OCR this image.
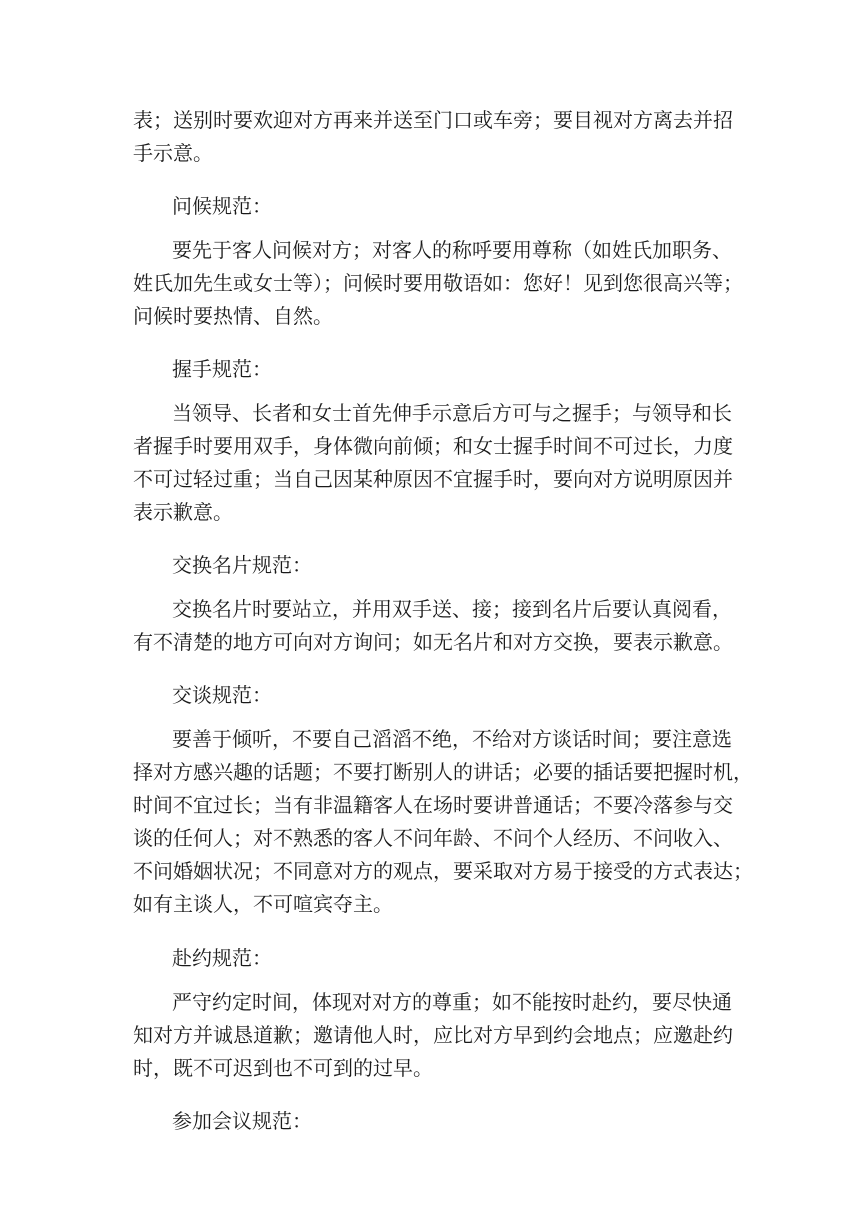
表；送别时要欢迎对方再来并送至门口或车旁；要目视对方离去并招

手示意。

问候规范：

要先于客人问候对方；对客人的称呼要用尊称（如姓氏加职务、

姓氏加先生或女士等）；问候时要用敬语如：您好！见到您很高兴等；

问候时要热情、自然。

握手规范：

当领导、长者和女士首先伸手示意后方可与之握手；与领导和长

者握手时要用双手，身体微向前倾；和女士握手时间不可过长，力度

不可过轻过重；当自己因某种原因不宜握手时，要向对方说明原因并

表示歉意。

交换名片规范：

交换名片时要站立，并用双手送、接；接到名片后要认真阅看，

有不清楚的地方可向对方询问；如无名片和对方交换，要表示歉意。

交谈规范：

要善于倾听，不要自己滔滔不绝，不给对方谈话时间；要注意选

择对方感兴趣的话题；不要打断别人的讲话；必要的插话要把握时机，

时间不宜过长；当有非温籍客人在场时要讲普通话；不要冷落参与交

谈的任何人；对不熟悉的客人不问年龄、不问个人经历、不问收入、

不问婚姻状况；不同意对方的观点，要采取对方易于接受的方式表达；

如有主谈人，不可喧宾夺主。

赴约规范：

严守约定时间，体现对对方的尊重；如不能按时赴约，要尽快通

知对方并诚恳道歉；邀请他人时，应比对方早到约会地点；应邀赴约

时，既不可迟到也不可到的过早。

参加会议规范：
